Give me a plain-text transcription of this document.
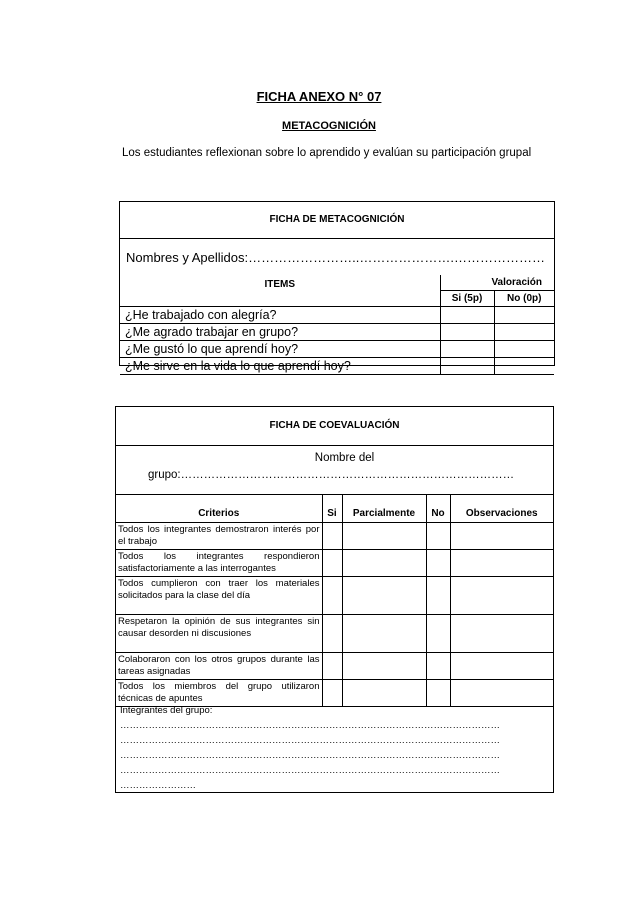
FICHA ANEXO N° 07
METACOGNICIÓN
Los estudiantes reflexionan sobre lo aprendido y evalúan su participación grupal
FICHA DE METACOGNICIÓN
Nombres y Apellidos:……………………..………………….…………………
ITEMS	Valoración	
	Si (5p)	No (0p)
¿He trabajado con alegría?		
¿Me agrado trabajar en grupo?		
¿Me gustó lo que aprendí hoy?		
¿Me sirve en la vida lo que aprendí hoy?		
FICHA DE COEVALUACIÓN
Nombre del
grupo:……………………………………………………………………………
Criterios	Si	Parcialmente	No	Observaciones
Todos los integrantes demostraron interés por el trabajo				
Todos los integrantes respondieron satisfactoriamente a las interrogantes				
Todos cumplieron con traer los materiales solicitados para la clase del día				
Respetaron la opinión de sus integrantes sin causar desorden ni discusiones				
Colaboraron con los otros grupos durante las tareas asignadas				
Todos los miembros del grupo utilizaron técnicas de apuntes				
Integrantes del grupo:
…………………………………………………………………………………………………………
…………………………………………………………………………………………………………
…………………………………………………………………………………………………………
…………………………………………………………………………………………………………
……………………
